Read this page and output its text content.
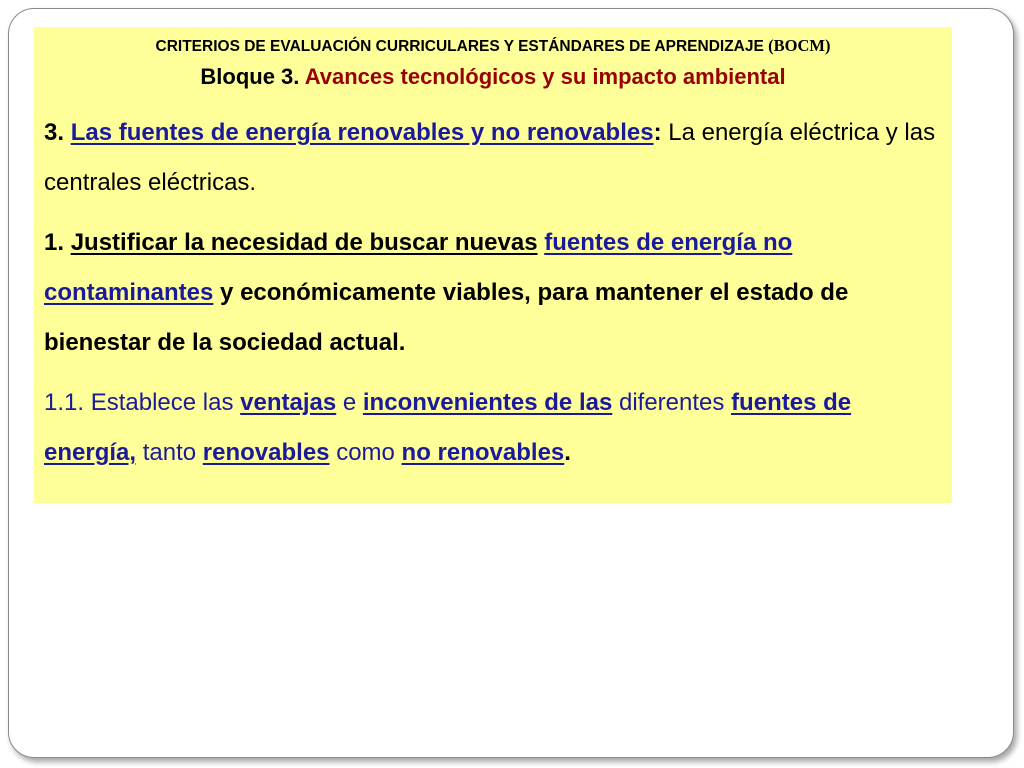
CRITERIOS DE EVALUACIÓN CURRICULARES Y ESTÁNDARES DE APRENDIZAJE (BOCM)

Bloque 3. Avances tecnológicos y su impacto ambiental

3. Las fuentes de energía renovables y no renovables: La energía eléctrica y las centrales eléctricas.

1. Justificar la necesidad de buscar nuevas fuentes de energía no contaminantes y económicamente viables, para mantener el estado de bienestar de la sociedad actual.

1.1. Establece las ventajas e inconvenientes de las diferentes fuentes de energía, tanto renovables como no renovables.
